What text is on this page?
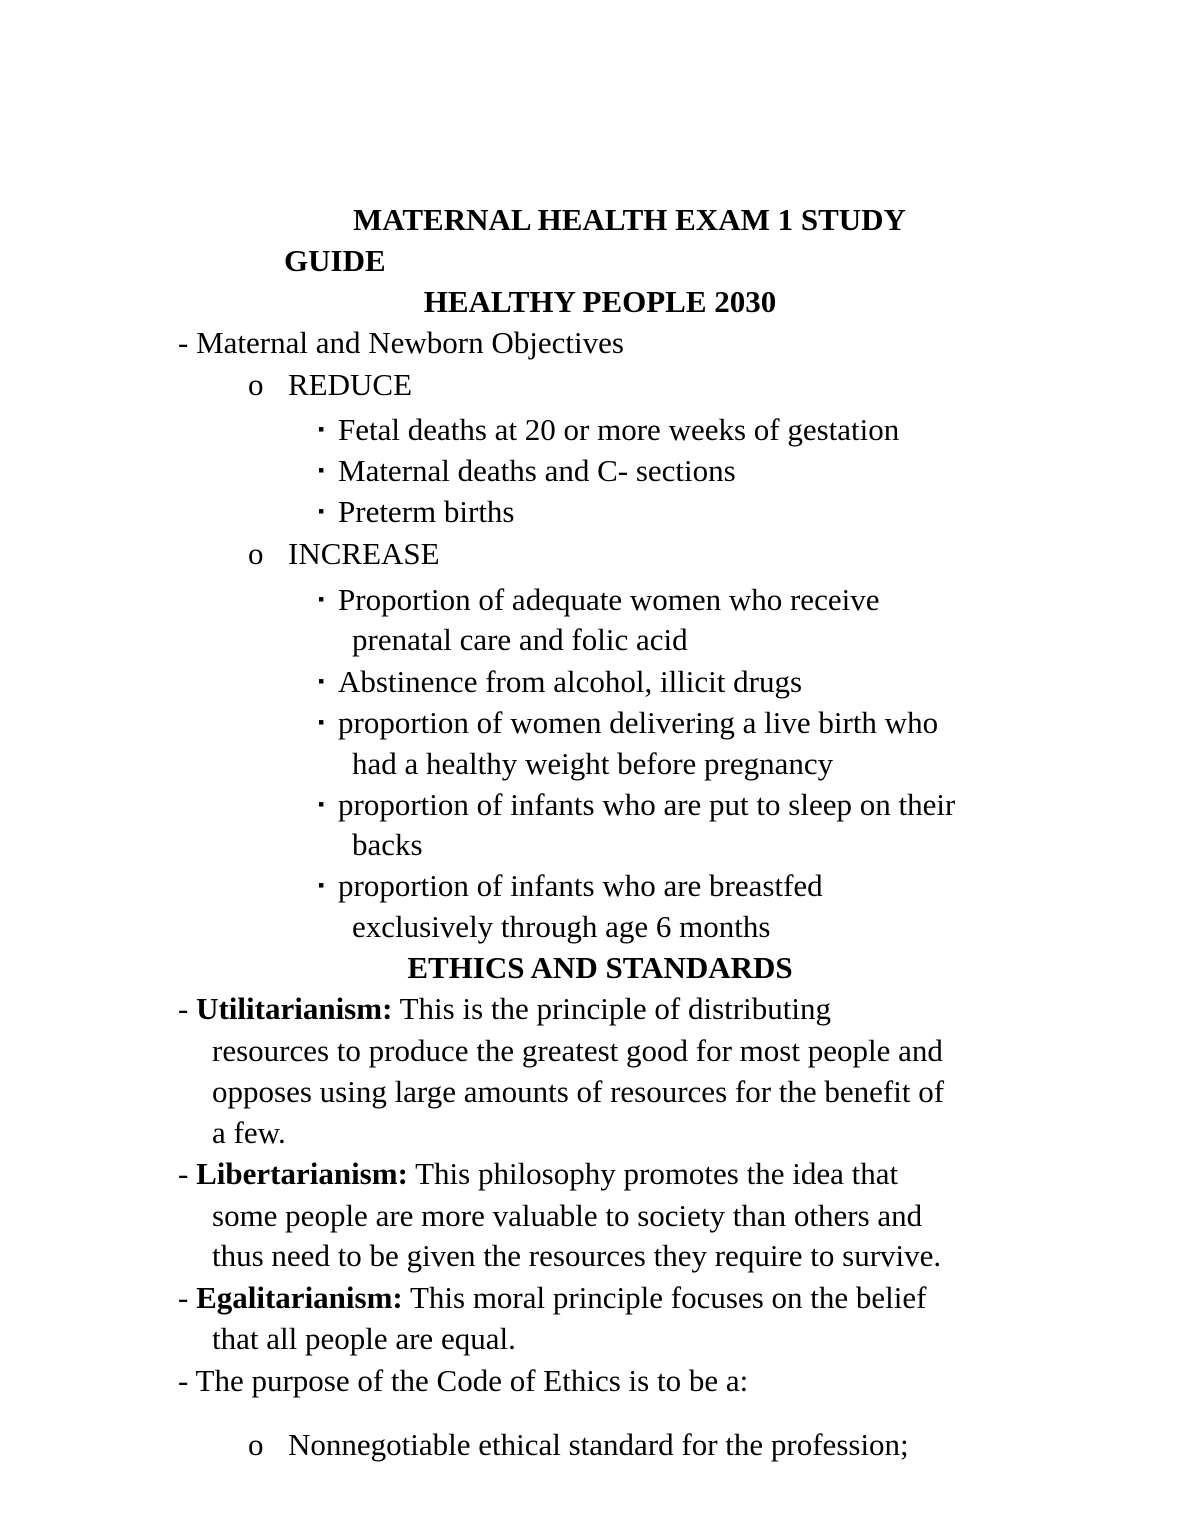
MATERNAL HEALTH EXAM 1 STUDY
GUIDE
HEALTHY PEOPLE 2030
- Maternal and Newborn Objectives
o REDUCE
▪ Fetal deaths at 20 or more weeks of gestation
▪ Maternal deaths and C- sections
▪ Preterm births
o INCREASE
▪ Proportion of adequate women who receive
prenatal care and folic acid
▪ Abstinence from alcohol, illicit drugs
▪ proportion of women delivering a live birth who
had a healthy weight before pregnancy
▪ proportion of infants who are put to sleep on their
backs
▪ proportion of infants who are breastfed
exclusively through age 6 months
ETHICS AND STANDARDS
- Utilitarianism: This is the principle of distributing
resources to produce the greatest good for most people and
opposes using large amounts of resources for the benefit of
a few.
- Libertarianism: This philosophy promotes the idea that
some people are more valuable to society than others and
thus need to be given the resources they require to survive.
- Egalitarianism: This moral principle focuses on the belief
that all people are equal.
- The purpose of the Code of Ethics is to be a:
o Nonnegotiable ethical standard for the profession;
